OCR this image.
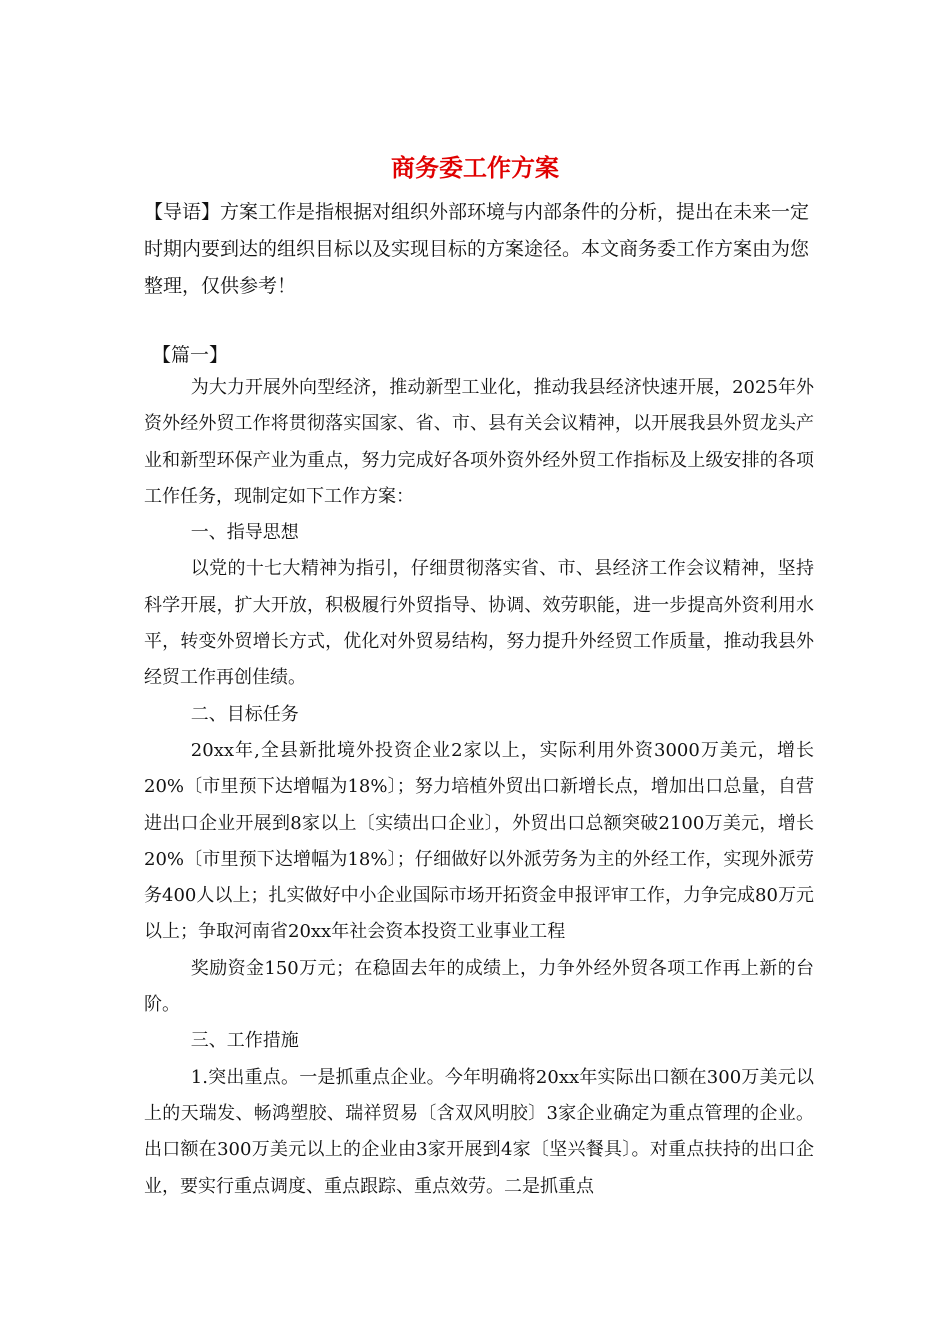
商务委工作方案

【导语】方案工作是指根据对组织外部环境与内部条件的分析，提出在未来一定时期内要到达的组织目标以及实现目标的方案途径。本文商务委工作方案由为您整理，仅供参考！

【篇一】

为大力开展外向型经济，推动新型工业化，推动我县经济快速开展，2025年外资外经外贸工作将贯彻落实国家、省、市、县有关会议精神，以开展我县外贸龙头产业和新型环保产业为重点，努力完成好各项外资外经外贸工作指标及上级安排的各项工作任务，现制定如下工作方案：

一、指导思想

以党的十七大精神为指引，仔细贯彻落实省、市、县经济工作会议精神，坚持科学开展，扩大开放，积极履行外贸指导、协调、效劳职能，进一步提高外资利用水平，转变外贸增长方式，优化对外贸易结构，努力提升外经贸工作质量，推动我县外经贸工作再创佳绩。

二、目标任务

20xx年,全县新批境外投资企业2家以上，实际利用外资3000万美元，增长20%〔市里预下达增幅为18%〕；努力培植外贸出口新增长点，增加出口总量，自营进出口企业开展到8家以上〔实绩出口企业〕，外贸出口总额突破2100万美元，增长20%〔市里预下达增幅为18%〕；仔细做好以外派劳务为主的外经工作，实现外派劳务400人以上；扎实做好中小企业国际市场开拓资金申报评审工作，力争完成80万元以上；争取河南省20xx年社会资本投资工业事业工程

奖励资金150万元；在稳固去年的成绩上，力争外经外贸各项工作再上新的台阶。

三、工作措施

1.突出重点。一是抓重点企业。今年明确将20xx年实际出口额在300万美元以上的天瑞发、畅鸿塑胶、瑞祥贸易〔含双风明胶〕3家企业确定为重点管理的企业。出口额在300万美元以上的企业由3家开展到4家〔坚兴餐具〕。对重点扶持的出口企业，要实行重点调度、重点跟踪、重点效劳。二是抓重点
